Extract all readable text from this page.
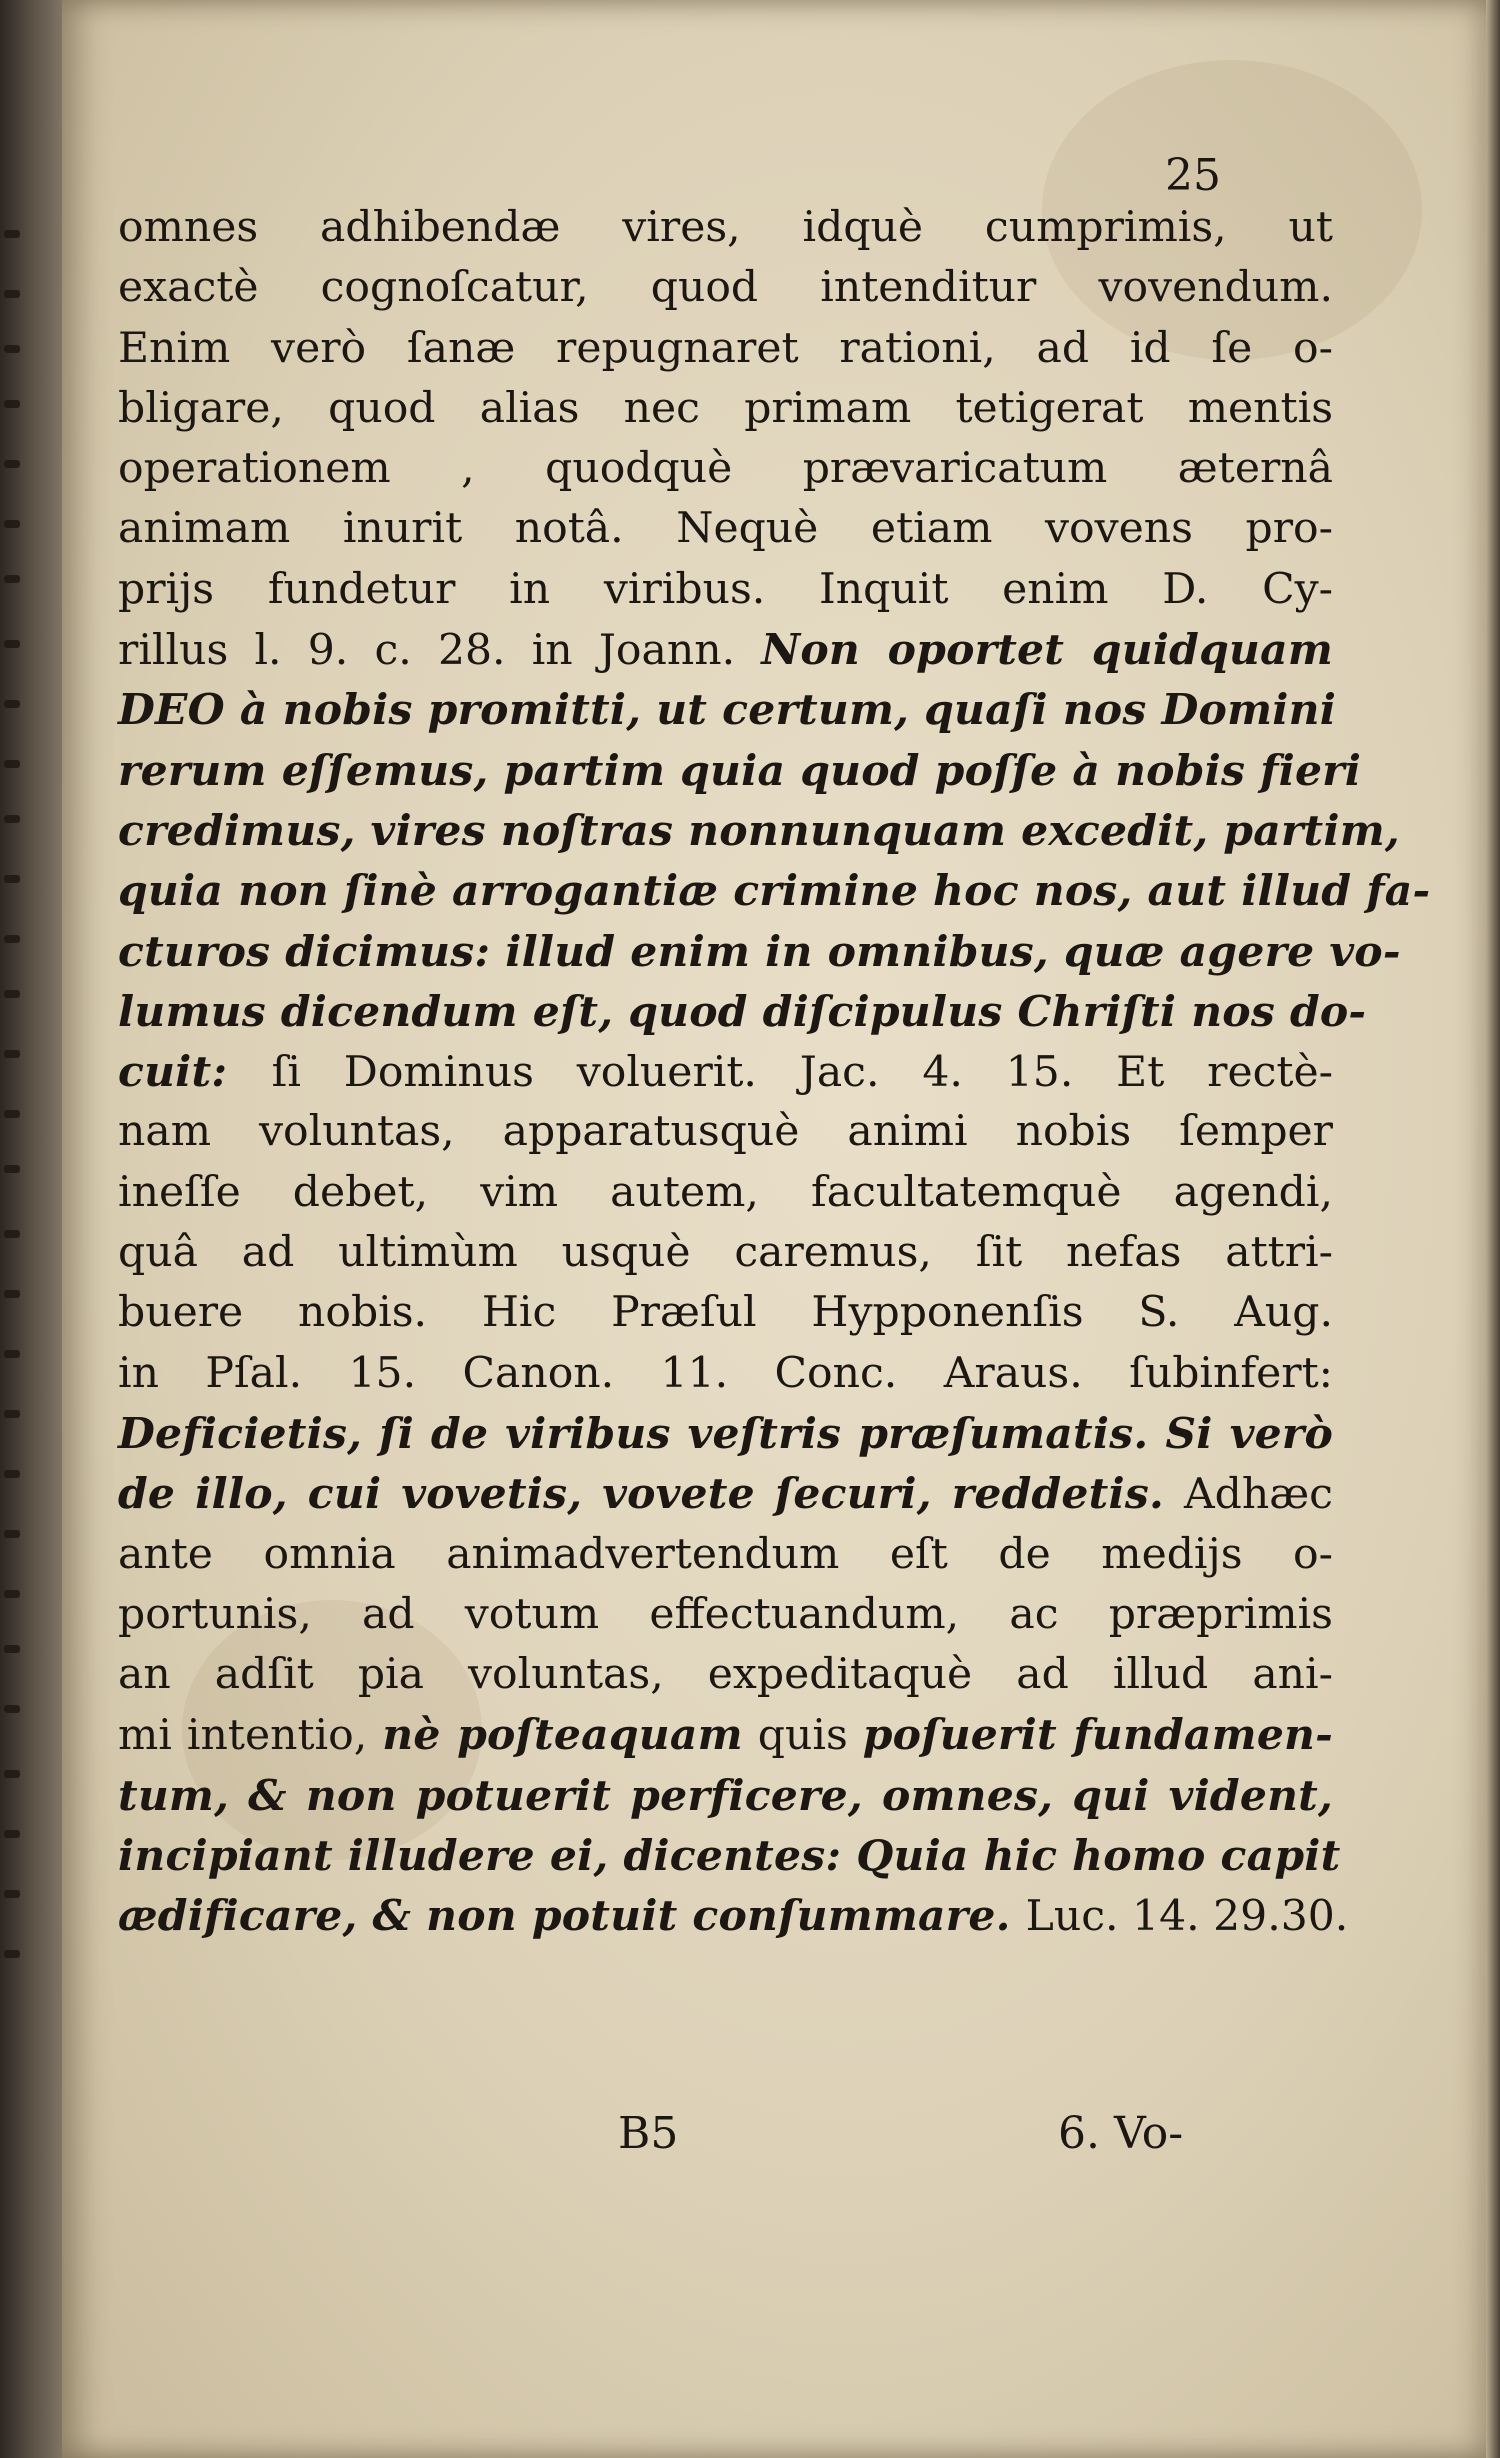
25
omnes adhibendæ vires, idquè cumprimis, ut
exactè cognoſcatur, quod intenditur vovendum.
Enim verò ſanæ repugnaret rationi, ad id ſe o-
bligare, quod alias nec primam tetigerat mentis
operationem , quodquè prævaricatum æternâ
animam inurit notâ. Nequè etiam vovens pro-
prijs fundetur in viribus. Inquit enim D. Cy-
rillus l. 9. c. 28. in Joann. Non oportet quidquam
DEO à nobis promitti, ut certum, quaſi nos Domini
rerum eſſemus, partim quia quod poſſe à nobis fieri
credimus, vires noſtras nonnunquam excedit, partim,
quia non ſinè arrogantiæ crimine hoc nos, aut illud fa-
cturos dicimus: illud enim in omnibus, quæ agere vo-
lumus dicendum eſt, quod diſcipulus Chriſti nos do-
cuit: ſi Dominus voluerit. Jac. 4. 15. Et rectè-
nam voluntas, apparatusquè animi nobis ſemper
ineſſe debet, vim autem, facultatemquè agendi,
quâ ad ultimùm usquè caremus, ſit nefas attri-
buere nobis. Hic Præſul Hypponenſis S. Aug.
in Pſal. 15. Canon. 11. Conc. Araus. ſubinfert:
Deficietis, ſi de viribus veſtris præſumatis. Si verò
de illo, cui vovetis, vovete ſecuri, reddetis. Adhæc
ante omnia animadvertendum eſt de medijs o-
portunis, ad votum effectuandum, ac præprimis
an adſit pia voluntas, expeditaquè ad illud ani-
mi intentio, nè poſteaquam quis poſuerit fundamen-
tum, & non potuerit perficere, omnes, qui vident,
incipiant illudere ei, dicentes: Quia hic homo capit
ædificare, & non potuit conſummare. Luc. 14. 29.30.
B5	6. Vo-
